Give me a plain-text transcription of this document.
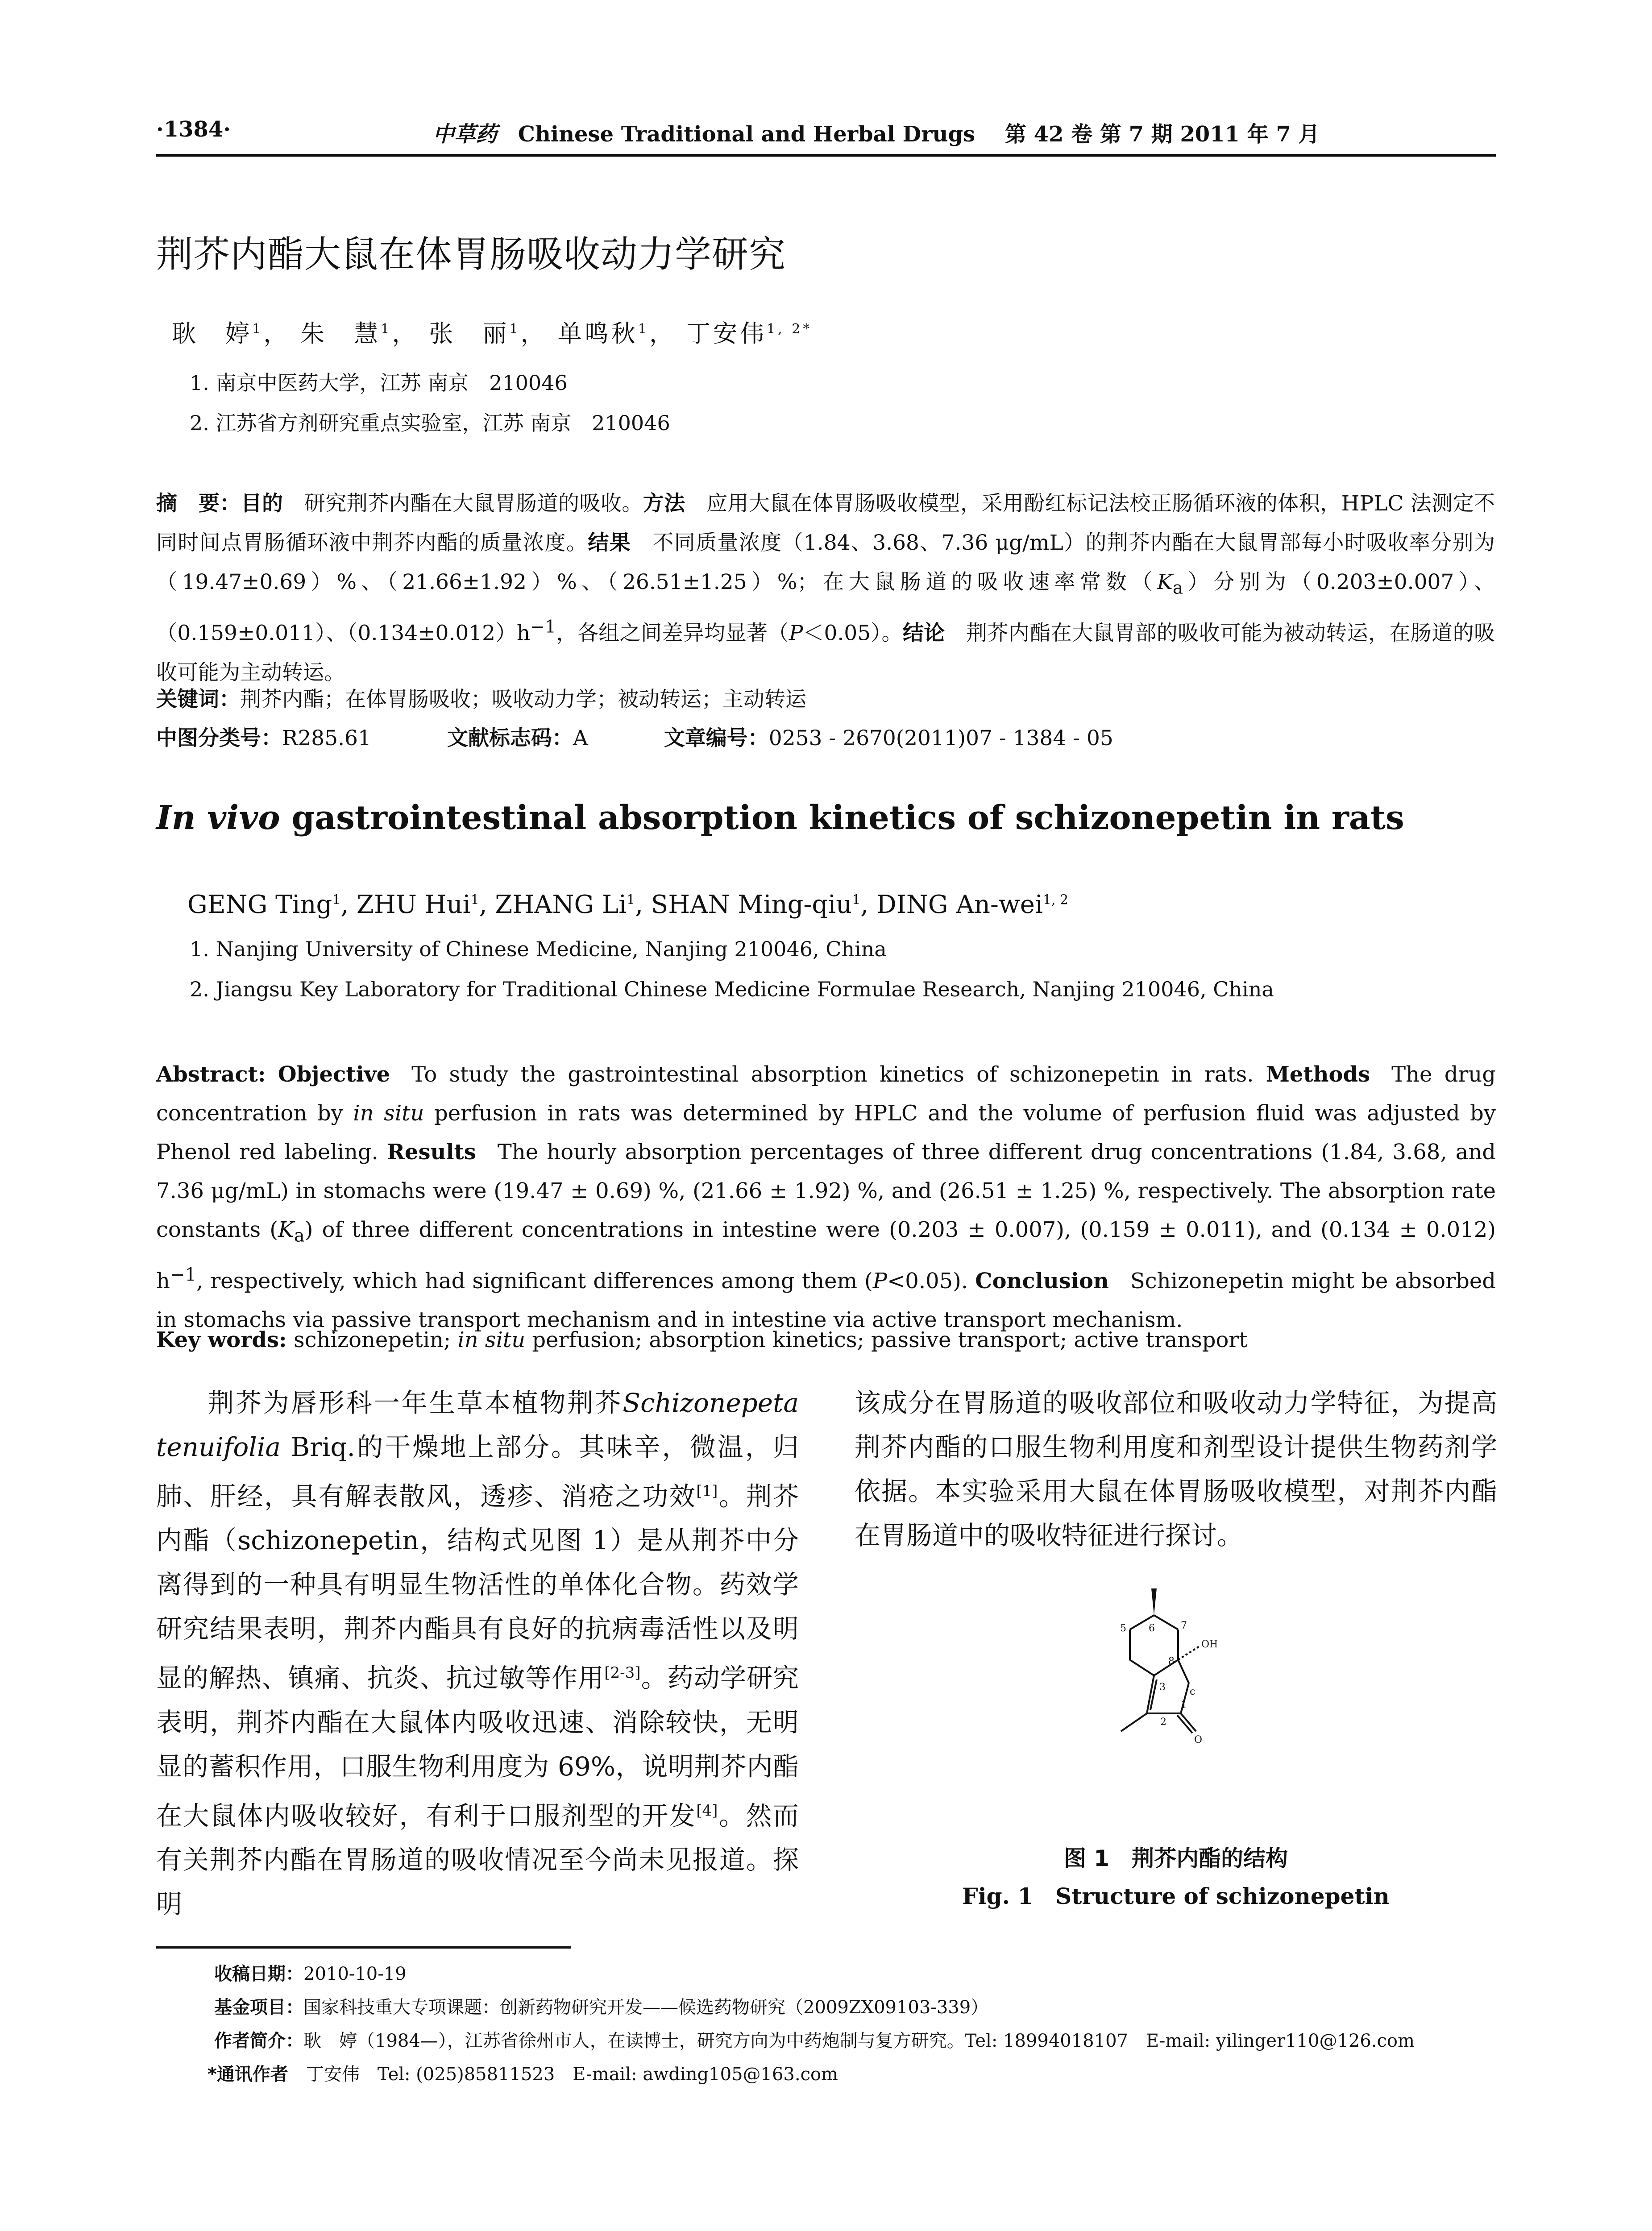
·1384·	中草药 Chinese Traditional and Herbal Drugs 第 42 卷 第 7 期 2011 年 7 月
荆芥内酯大鼠在体胃肠吸收动力学研究
耿　婷$^1$， 朱　慧$^1$， 张　丽$^1$， 单鸣秋$^1$， 丁安伟$^{1, 2*}$
1. 南京中医药大学，江苏 南京　210046
2. 江苏省方剂研究重点实验室，江苏 南京　210046
摘　要：目的  研究荆芥内酯在大鼠胃肠道的吸收。方法  应用大鼠在体胃肠吸收模型，采用酚红标记法校正肠循环液的体积，HPLC 法测定不同时间点胃肠循环液中荆芥内酯的质量浓度。结果  不同质量浓度（1.84、3.68、7.36 μg/mL）的荆芥内酯在大鼠胃部每小时吸收率分别为（19.47±0.69）%、（21.66±1.92）%、（26.51±1.25）%；在大鼠肠道的吸收速率常数$(K_a)$分别为（0.203±0.007）、（0.159±0.011）、$(0.134\pm 0.012)h^{-1}$，各组之间差异均显著（P＜0.05）。结论  荆芥内酯在大鼠胃部的吸收可能为被动转运，在肠道的吸收可能为主动转运。
关键词：荆芥内酯；在体胃肠吸收；吸收动力学；被动转运；主动转运
中图分类号：R285.61	文献标志码：A	文章编号：0253 - 2670(2011)07 - 1384 - 05
In vivo gastrointestinal absorption kinetics of schizonepetin in rats
GENG Ting$^1$, ZHU Hui$^1$, ZHANG Li$^1$, SHAN Ming-qiu$^1$, DING An-wei$^{1, 2}$
1. Nanjing University of Chinese Medicine, Nanjing 210046, China
2. Jiangsu Key Laboratory for Traditional Chinese Medicine Formulae Research, Nanjing 210046, China
Abstract: Objective  To study the gastrointestinal absorption kinetics of schizonepetin in rats. Methods  The drug concentration by in situ perfusion in rats was determined by HPLC and the volume of perfusion fluid was adjusted by Phenol red labeling. Results  The hourly absorption percentages of three different drug concentrations (1.84, 3.68, and 7.36 μg/mL) in stomachs were (19.47 ± 0.69) %, (21.66 ± 1.92) %, and (26.51 ± 1.25) %, respectively. The absorption rate constants $(K_a)$ of three different concentrations in intestine were (0.203 ± 0.007), (0.159 ± 0.011), and (0.134 ± 0.012) $h^{-1}$, respectively, which had significant differences among them (P<0.05). Conclusion  Schizonepetin might be absorbed in stomachs via passive transport mechanism and in intestine via active transport mechanism.
Key words: schizonepetin; in situ perfusion; absorption kinetics; passive transport; active transport
荆芥为唇形科一年生草本植物荆芥Schizonepeta tenuifolia Briq.的干燥地上部分。其味辛，微温，归肺、肝经，具有解表散风，透疹、消疮之功效[1]。荆芥内酯（schizonepetin，结构式见图 1）是从荆芥中分离得到的一种具有明显生物活性的单体化合物。药效学研究结果表明，荆芥内酯具有良好的抗病毒活性以及明显的解热、镇痛、抗炎、抗过敏等作用[2-3]。药动学研究表明，荆芥内酯在大鼠体内吸收迅速、消除较快，无明显的蓄积作用，口服生物利用度为 69%，说明荆芥内酯在大鼠体内吸收较好，有利于口服剂型的开发[4]。然而有关荆芥内酯在胃肠道的吸收情况至今尚未见报道。探明
该成分在胃肠道的吸收部位和吸收动力学特征，为提高荆芥内酯的口服生物利用度和剂型设计提供生物药剂学依据。本实验采用大鼠在体胃肠吸收模型，对荆芥内酯在胃肠道中的吸收特征进行探讨。
6	7
5
8
OH
3 c
1
2
O
图 1　荆芥内酯的结构
Fig. 1　Structure of schizonepetin
收稿日期：2010-10-19
基金项目：国家科技重大专项课题：创新药物研究开发——候选药物研究（2009ZX09103-339）
作者简介：耿　婷（1984—），江苏省徐州市人，在读博士，研究方向为中药炮制与复方研究。Tel: 18994018107　E-mail: yilinger110@126.com
*通讯作者　丁安伟　Tel: (025)85811523　E-mail: awding105@163.com
